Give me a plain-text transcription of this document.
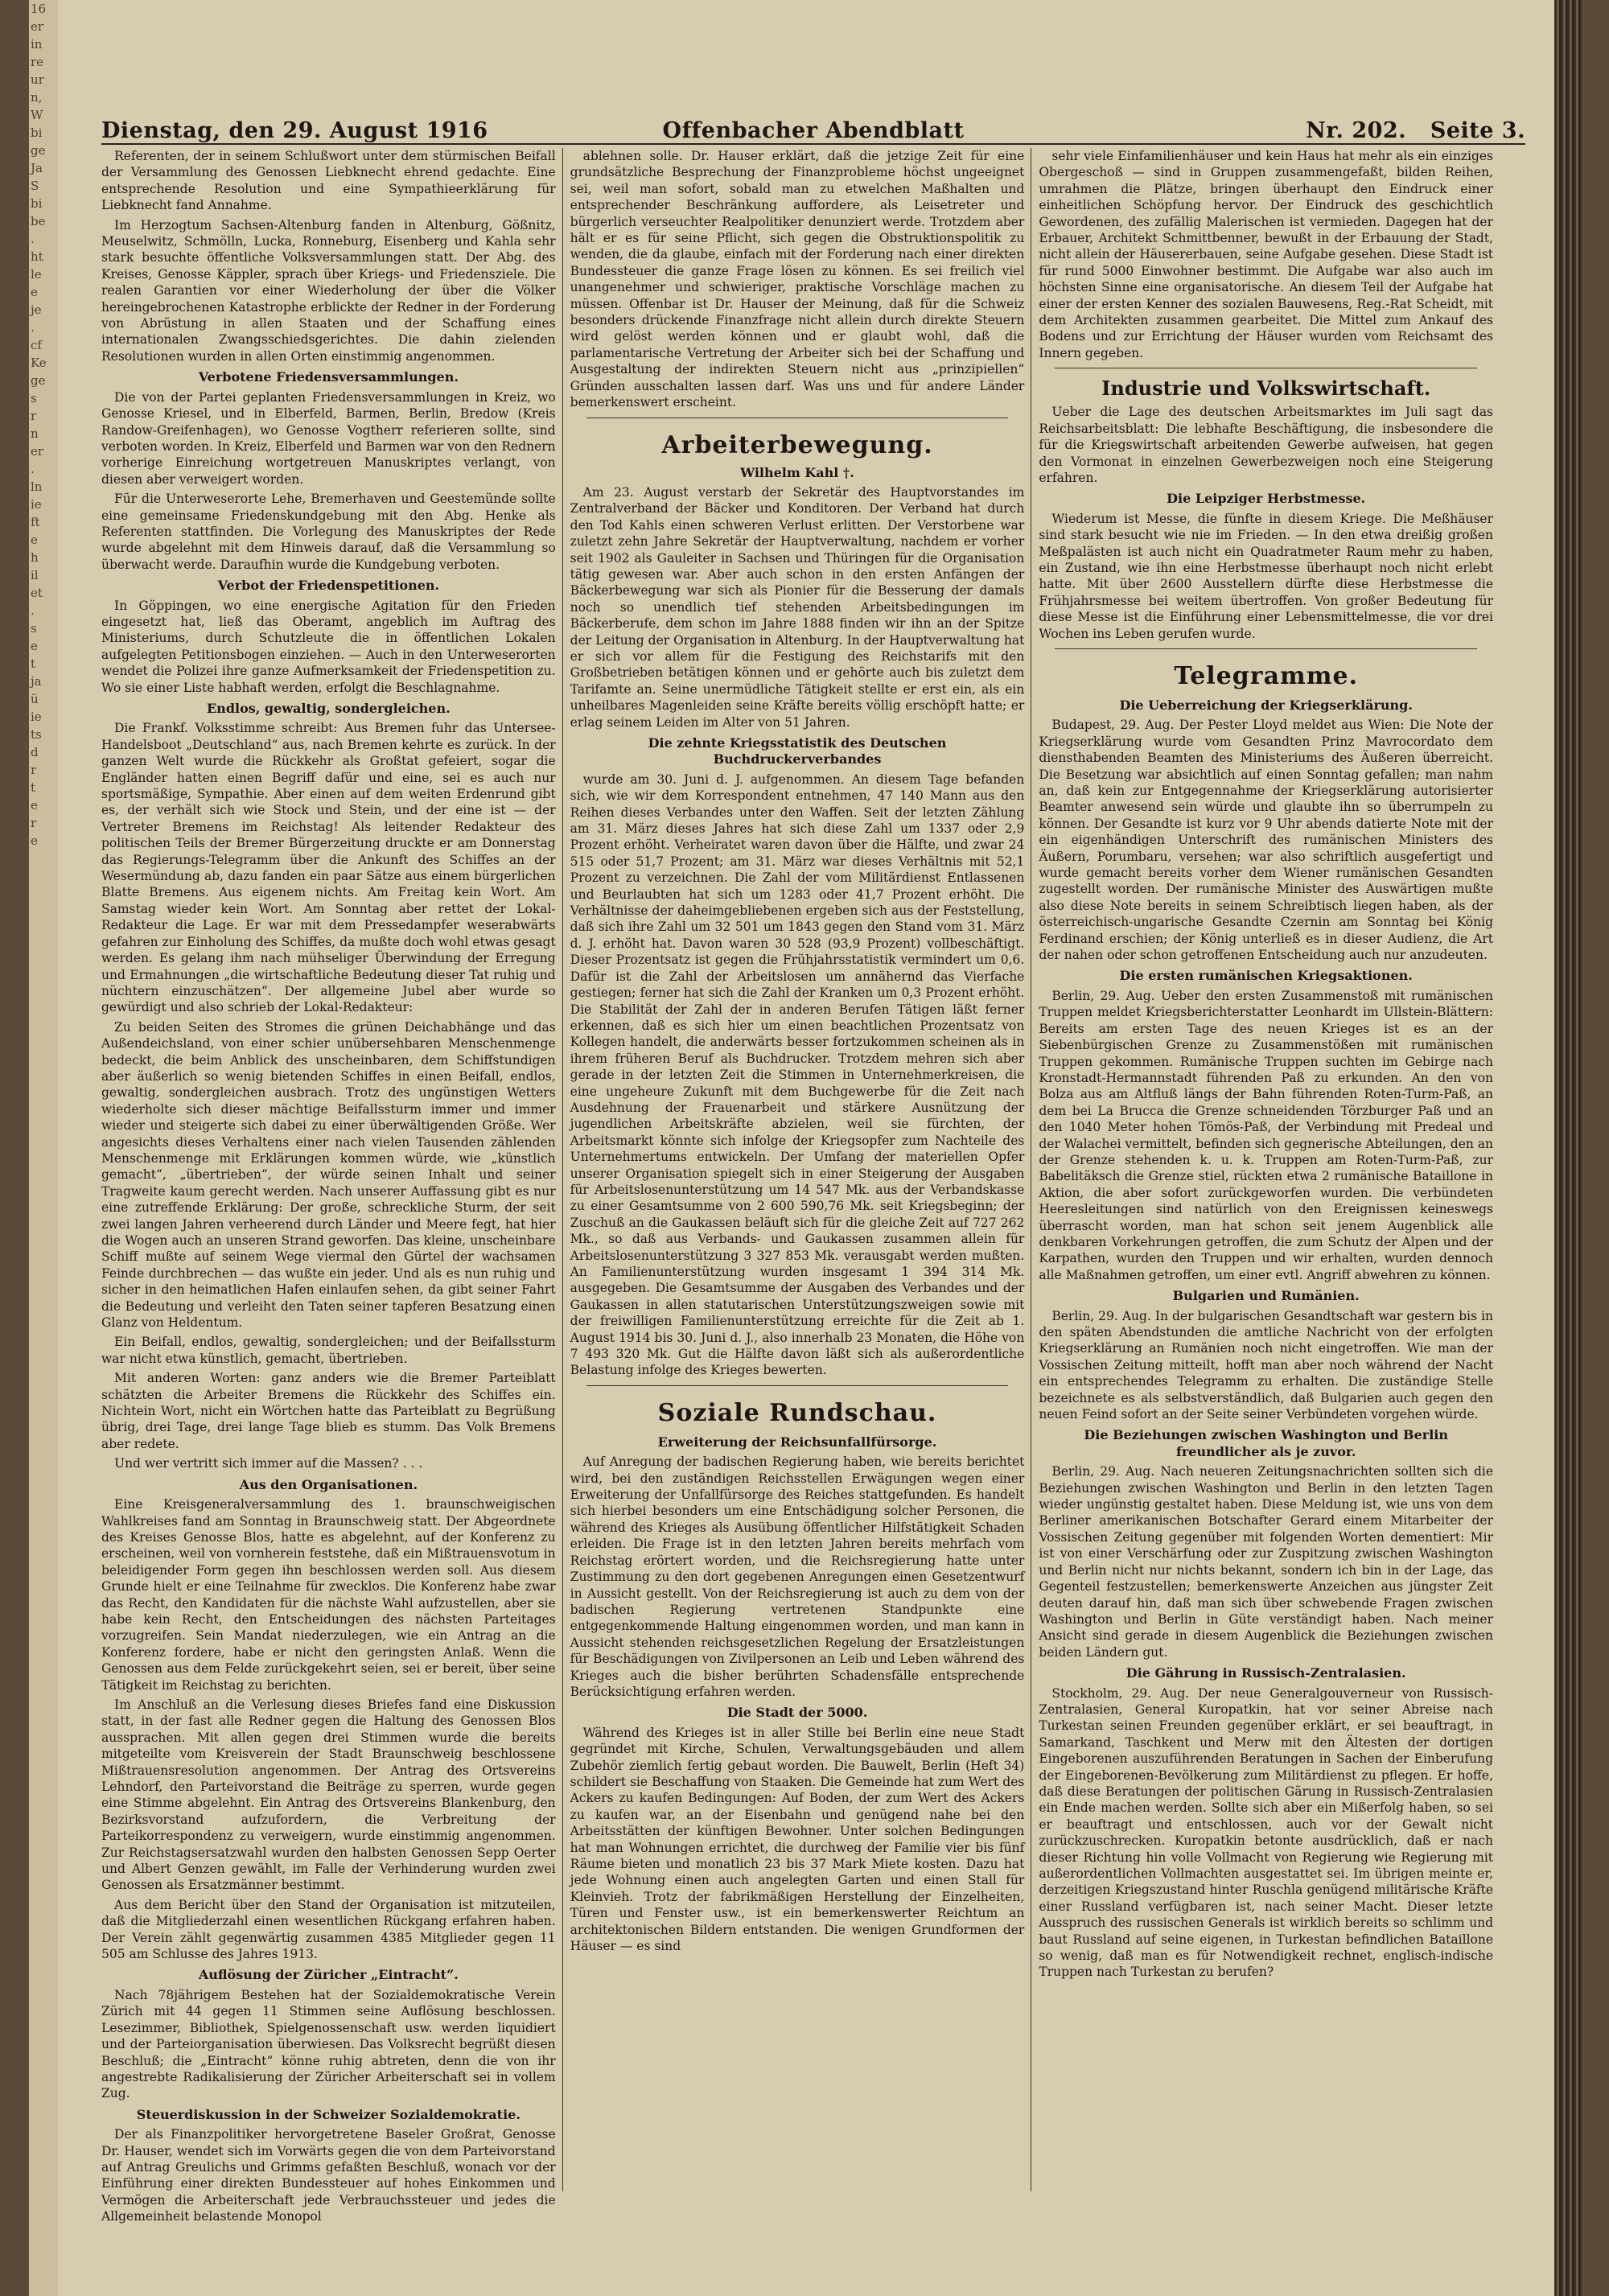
16
er
in
re
ur
n,
W
bi
ge
Ja
S
bi
be
.
ht
le
e
je
.
cf
Ke
ge
s
r
n
er
.
ln
ie
ft
e
h
il
et
.
s
e
t
ja
ü
ie
ts
d
r
t
e
r
e
Dienstag, den 29. August 1916	Offenbacher Abendblatt	Nr. 202. Seite 3.

Referenten, der in seinem Schlußwort unter dem stürmischen Beifall der Versammlung des Genossen Liebknecht ehrend gedachte. Eine entsprechende Resolution und eine Sympathieerklärung für Liebknecht fand Annahme.

Im Herzogtum Sachsen-Altenburg fanden in Altenburg, Gößnitz, Meuselwitz, Schmölln, Lucka, Ronneburg, Eisenberg und Kahla sehr stark besuchte öffentliche Volksversammlungen statt. Der Abg. des Kreises, Genosse Käppler, sprach über Kriegs- und Friedensziele. Die realen Garantien vor einer Wiederholung der über die Völker hereingebrochenen Katastrophe erblickte der Redner in der Forderung von Abrüstung in allen Staaten und der Schaffung eines internationalen Zwangsschiedsgerichtes. Die dahin zielenden Resolutionen wurden in allen Orten einstimmig angenommen.

Verbotene Friedensversammlungen.

Die von der Partei geplanten Friedensversammlungen in Kreiz, wo Genosse Kriesel, und in Elberfeld, Barmen, Berlin, Bredow (Kreis Randow-Greifenhagen), wo Genosse Vogtherr referieren sollte, sind verboten worden. In Kreiz, Elberfeld und Barmen war von den Rednern vorherige Einreichung wortgetreuen Manuskriptes verlangt, von diesen aber verweigert worden.

Für die Unterweserorte Lehe, Bremerhaven und Geestemünde sollte eine gemeinsame Friedenskundgebung mit den Abg. Henke als Referenten stattfinden. Die Vorlegung des Manuskriptes der Rede wurde abgelehnt mit dem Hinweis darauf, daß die Versammlung so überwacht werde. Daraufhin wurde die Kundgebung verboten.

Verbot der Friedenspetitionen.

In Göppingen, wo eine energische Agitation für den Frieden eingesetzt hat, ließ das Oberamt, angeblich im Auftrag des Ministeriums, durch Schutzleute die in öffentlichen Lokalen aufgelegten Petitionsbogen einziehen. — Auch in den Unterweserorten wendet die Polizei ihre ganze Aufmerksamkeit der Friedenspetition zu. Wo sie einer Liste habhaft werden, erfolgt die Beschlagnahme.

Endlos, gewaltig, sondergleichen.

Die Frankf. Volksstimme schreibt: Aus Bremen fuhr das Untersee-Handelsboot „Deutschland“ aus, nach Bremen kehrte es zurück. In der ganzen Welt wurde die Rückkehr als Großtat gefeiert, sogar die Engländer hatten einen Begriff dafür und eine, sei es auch nur sportsmäßige, Sympathie. Aber einen auf dem weiten Erdenrund gibt es, der verhält sich wie Stock und Stein, und der eine ist — der Vertreter Bremens im Reichstag! Als leitender Redakteur des politischen Teils der Bremer Bürgerzeitung druckte er am Donnerstag das Regierungs-Telegramm über die Ankunft des Schiffes an der Wesermündung ab, dazu fanden ein paar Sätze aus einem bürgerlichen Blatte Bremens. Aus eigenem nichts. Am Freitag kein Wort. Am Samstag wieder kein Wort. Am Sonntag aber rettet der Lokal-Redakteur die Lage. Er war mit dem Pressedampfer weserabwärts gefahren zur Einholung des Schiffes, da mußte doch wohl etwas gesagt werden. Es gelang ihm nach mühseliger Überwindung der Erregung und Ermahnungen „die wirtschaftliche Bedeutung dieser Tat ruhig und nüchtern einzuschätzen“. Der allgemeine Jubel aber wurde so gewürdigt und also schrieb der Lokal-Redakteur:

Zu beiden Seiten des Stromes die grünen Deichabhänge und das Außendeichsland, von einer schier unübersehbaren Menschenmenge bedeckt, die beim Anblick des unscheinbaren, dem Schiffstundigen aber äußerlich so wenig bietenden Schiffes in einen Beifall, endlos, gewaltig, sondergleichen ausbrach. Trotz des ungünstigen Wetters wiederholte sich dieser mächtige Beifallssturm immer und immer wieder und steigerte sich dabei zu einer überwältigenden Größe. Wer angesichts dieses Verhaltens einer nach vielen Tausenden zählenden Menschenmenge mit Erklärungen kommen würde, wie „künstlich gemacht“, „übertrieben“, der würde seinen Inhalt und seiner Tragweite kaum gerecht werden. Nach unserer Auffassung gibt es nur eine zutreffende Erklärung: Der große, schreckliche Sturm, der seit zwei langen Jahren verheerend durch Länder und Meere fegt, hat hier die Wogen auch an unseren Strand geworfen. Das kleine, unscheinbare Schiff mußte auf seinem Wege viermal den Gürtel der wachsamen Feinde durchbrechen — das wußte ein jeder. Und als es nun ruhig und sicher in den heimatlichen Hafen einlaufen sehen, da gibt seiner Fahrt die Bedeutung und verleiht den Taten seiner tapferen Besatzung einen Glanz von Heldentum.

Ein Beifall, endlos, gewaltig, sondergleichen; und der Beifallssturm war nicht etwa künstlich, gemacht, übertrieben.

Mit anderen Worten: ganz anders wie die Bremer Parteiblatt schätzten die Arbeiter Bremens die Rückkehr des Schiffes ein. Nichtein Wort, nicht ein Wörtchen hatte das Parteiblatt zu Begrüßung übrig, drei Tage, drei lange Tage blieb es stumm. Das Volk Bremens aber redete.

Und wer vertritt sich immer auf die Massen? . . .

Aus den Organisationen.

Eine Kreisgeneralversammlung des 1. braunschweigischen Wahlkreises fand am Sonntag in Braunschweig statt. Der Abgeordnete des Kreises Genosse Blos, hatte es abgelehnt, auf der Konferenz zu erscheinen, weil von vornherein feststehe, daß ein Mißtrauensvotum in beleidigender Form gegen ihn beschlossen werden soll. Aus diesem Grunde hielt er eine Teilnahme für zwecklos. Die Konferenz habe zwar das Recht, den Kandidaten für die nächste Wahl aufzustellen, aber sie habe kein Recht, den Entscheidungen des nächsten Parteitages vorzugreifen. Sein Mandat niederzulegen, wie ein Antrag an die Konferenz fordere, habe er nicht den geringsten Anlaß. Wenn die Genossen aus dem Felde zurückgekehrt seien, sei er bereit, über seine Tätigkeit im Reichstag zu berichten.

Im Anschluß an die Verlesung dieses Briefes fand eine Diskussion statt, in der fast alle Redner gegen die Haltung des Genossen Blos aussprachen. Mit allen gegen drei Stimmen wurde die bereits mitgeteilte vom Kreisverein der Stadt Braunschweig beschlossene Mißtrauensresolution angenommen. Der Antrag des Ortsvereins Lehndorf, den Parteivorstand die Beiträge zu sperren, wurde gegen eine Stimme abgelehnt. Ein Antrag des Ortsvereins Blankenburg, den Bezirksvorstand aufzufordern, die Verbreitung der Parteikorrespondenz zu verweigern, wurde einstimmig angenommen. Zur Reichstagsersatzwahl wurden den halbsten Genossen Sepp Oerter und Albert Genzen gewählt, im Falle der Verhinderung wurden zwei Genossen als Ersatzmänner bestimmt.

Aus dem Bericht über den Stand der Organisation ist mitzuteilen, daß die Mitgliederzahl einen wesentlichen Rückgang erfahren haben. Der Verein zählt gegenwärtig zusammen 4385 Mitglieder gegen 11 505 am Schlusse des Jahres 1913.

Auflösung der Züricher „Eintracht“.

Nach 78jährigem Bestehen hat der Sozialdemokratische Verein Zürich mit 44 gegen 11 Stimmen seine Auflösung beschlossen. Lesezimmer, Bibliothek, Spielgenossenschaft usw. werden liquidiert und der Parteiorganisation überwiesen. Das Volksrecht begrüßt diesen Beschluß; die „Eintracht“ könne ruhig abtreten, denn die von ihr angestrebte Radikalisierung der Züricher Arbeiterschaft sei in vollem Zug.

Steuerdiskussion in der Schweizer Sozialdemokratie.

Der als Finanzpolitiker hervorgetretene Baseler Großrat, Genosse Dr. Hauser, wendet sich im Vorwärts gegen die von dem Parteivorstand auf Antrag Greulichs und Grimms gefaßten Beschluß, wonach vor der Einführung einer direkten Bundessteuer auf hohes Einkommen und Vermögen die Arbeiterschaft jede Verbrauchssteuer und jedes die Allgemeinheit belastende Monopol

ablehnen solle. Dr. Hauser erklärt, daß die jetzige Zeit für eine grundsätzliche Besprechung der Finanzprobleme höchst ungeeignet sei, weil man sofort, sobald man zu etwelchen Maßhalten und entsprechender Beschränkung auffordere, als Leisetreter und bürgerlich verseuchter Realpolitiker denunziert werde. Trotzdem aber hält er es für seine Pflicht, sich gegen die Obstruktionspolitik zu wenden, die da glaube, einfach mit der Forderung nach einer direkten Bundessteuer die ganze Frage lösen zu können. Es sei freilich viel unangenehmer und schwieriger, praktische Vorschläge machen zu müssen. Offenbar ist Dr. Hauser der Meinung, daß für die Schweiz besonders drückende Finanzfrage nicht allein durch direkte Steuern wird gelöst werden können und er glaubt wohl, daß die parlamentarische Vertretung der Arbeiter sich bei der Schaffung und Ausgestaltung der indirekten Steuern nicht aus „prinzipiellen“ Gründen ausschalten lassen darf. Was uns und für andere Länder bemerkenswert erscheint.

Arbeiterbewegung.
Wilhelm Kahl †.

Am 23. August verstarb der Sekretär des Hauptvorstandes im Zentralverband der Bäcker und Konditoren. Der Verband hat durch den Tod Kahls einen schweren Verlust erlitten. Der Verstorbene war zuletzt zehn Jahre Sekretär der Hauptverwaltung, nachdem er vorher seit 1902 als Gauleiter in Sachsen und Thüringen für die Organisation tätig gewesen war. Aber auch schon in den ersten Anfängen der Bäckerbewegung war sich als Pionier für die Besserung der damals noch so unendlich tief stehenden Arbeitsbedingungen im Bäckerberufe, dem schon im Jahre 1888 finden wir ihn an der Spitze der Leitung der Organisation in Altenburg. In der Hauptverwaltung hat er sich vor allem für die Festigung des Reichstarifs mit den Großbetrieben betätigen können und er gehörte auch bis zuletzt dem Tarifamte an. Seine unermüdliche Tätigkeit stellte er erst ein, als ein unheilbares Magenleiden seine Kräfte bereits völlig erschöpft hatte; er erlag seinem Leiden im Alter von 51 Jahren.

Die zehnte Kriegsstatistik des Deutschen Buchdruckerverbandes

wurde am 30. Juni d. J. aufgenommen. An diesem Tage befanden sich, wie wir dem Korrespondent entnehmen, 47 140 Mann aus den Reihen dieses Verbandes unter den Waffen. Seit der letzten Zählung am 31. März dieses Jahres hat sich diese Zahl um 1337 oder 2,9 Prozent erhöht. Verheiratet waren davon über die Hälfte, und zwar 24 515 oder 51,7 Prozent; am 31. März war dieses Verhältnis mit 52,1 Prozent zu verzeichnen. Die Zahl der vom Militärdienst Entlassenen und Beurlaubten hat sich um 1283 oder 41,7 Prozent erhöht. Die Verhältnisse der daheimgebliebenen ergeben sich aus der Feststellung, daß sich ihre Zahl um 32 501 um 1843 gegen den Stand vom 31. März d. J. erhöht hat. Davon waren 30 528 (93,9 Prozent) vollbeschäftigt. Dieser Prozentsatz ist gegen die Frühjahrsstatistik vermindert um 0,6. Dafür ist die Zahl der Arbeitslosen um annähernd das Vierfache gestiegen; ferner hat sich die Zahl der Kranken um 0,3 Prozent erhöht. Die Stabilität der Zahl der in anderen Berufen Tätigen läßt ferner erkennen, daß es sich hier um einen beachtlichen Prozentsatz von Kollegen handelt, die anderwärts besser fortzukommen scheinen als in ihrem früheren Beruf als Buchdrucker. Trotzdem mehren sich aber gerade in der letzten Zeit die Stimmen in Unternehmerkreisen, die eine ungeheure Zukunft mit dem Buchgewerbe für die Zeit nach Ausdehnung der Frauenarbeit und stärkere Ausnützung der jugendlichen Arbeitskräfte abzielen, weil sie fürchten, der Arbeitsmarkt könnte sich infolge der Kriegsopfer zum Nachteile des Unternehmertums entwickeln. Der Umfang der materiellen Opfer unserer Organisation spiegelt sich in einer Steigerung der Ausgaben für Arbeitslosenunterstützung um 14 547 Mk. aus der Verbandskasse zu einer Gesamtsumme von 2 600 590,76 Mk. seit Kriegsbeginn; der Zuschuß an die Gaukassen beläuft sich für die gleiche Zeit auf 727 262 Mk., so daß aus Verbands- und Gaukassen zusammen allein für Arbeitslosenunterstützung 3 327 853 Mk. verausgabt werden mußten. An Familienunterstützung wurden insgesamt 1 394 314 Mk. ausgegeben. Die Gesamtsumme der Ausgaben des Verbandes und der Gaukassen in allen statutarischen Unterstützungszweigen sowie mit der freiwilligen Familienunterstützung erreichte für die Zeit ab 1. August 1914 bis 30. Juni d. J., also innerhalb 23 Monaten, die Höhe von 7 493 320 Mk. Gut die Hälfte davon läßt sich als außerordentliche Belastung infolge des Krieges bewerten.

Soziale Rundschau.
Erweiterung der Reichsunfallfürsorge.

Auf Anregung der badischen Regierung haben, wie bereits berichtet wird, bei den zuständigen Reichsstellen Erwägungen wegen einer Erweiterung der Unfallfürsorge des Reiches stattgefunden. Es handelt sich hierbei besonders um eine Entschädigung solcher Personen, die während des Krieges als Ausübung öffentlicher Hilfstätigkeit Schaden erleiden. Die Frage ist in den letzten Jahren bereits mehrfach vom Reichstag erörtert worden, und die Reichsregierung hatte unter Zustimmung zu den dort gegebenen Anregungen einen Gesetzentwurf in Aussicht gestellt. Von der Reichsregierung ist auch zu dem von der badischen Regierung vertretenen Standpunkte eine entgegenkommende Haltung eingenommen worden, und man kann in Aussicht stehenden reichsgesetzlichen Regelung der Ersatzleistungen für Beschädigungen von Zivilpersonen an Leib und Leben während des Krieges auch die bisher berührten Schadensfälle entsprechende Berücksichtigung erfahren werden.

Die Stadt der 5000.

Während des Krieges ist in aller Stille bei Berlin eine neue Stadt gegründet mit Kirche, Schulen, Verwaltungsgebäuden und allem Zubehör ziemlich fertig gebaut worden. Die Bauwelt, Berlin (Heft 34) schildert sie Beschaffung von Staaken. Die Gemeinde hat zum Wert des Ackers zu kaufen Bedingungen: Auf Boden, der zum Wert des Ackers zu kaufen war, an der Eisenbahn und genügend nahe bei den Arbeitsstätten der künftigen Bewohner. Unter solchen Bedingungen hat man Wohnungen errichtet, die durchweg der Familie vier bis fünf Räume bieten und monatlich 23 bis 37 Mark Miete kosten. Dazu hat jede Wohnung einen auch angelegten Garten und einen Stall für Kleinvieh. Trotz der fabrikmäßigen Herstellung der Einzelheiten, Türen und Fenster usw., ist ein bemerkenswerter Reichtum an architektonischen Bildern entstanden. Die wenigen Grundformen der Häuser — es sind

sehr viele Einfamilienhäuser und kein Haus hat mehr als ein einziges Obergeschoß — sind in Gruppen zusammengefaßt, bilden Reihen, umrahmen die Plätze, bringen überhaupt den Eindruck einer einheitlichen Schöpfung hervor. Der Eindruck des geschichtlich Gewordenen, des zufällig Malerischen ist vermieden. Dagegen hat der Erbauer, Architekt Schmittbenner, bewußt in der Erbauung der Stadt, nicht allein der Häusererbauen, seine Aufgabe gesehen. Diese Stadt ist für rund 5000 Einwohner bestimmt. Die Aufgabe war also auch im höchsten Sinne eine organisatorische. An diesem Teil der Aufgabe hat einer der ersten Kenner des sozialen Bauwesens, Reg.-Rat Scheidt, mit dem Architekten zusammen gearbeitet. Die Mittel zum Ankauf des Bodens und zur Errichtung der Häuser wurden vom Reichsamt des Innern gegeben.

Industrie und Volkswirtschaft.

Ueber die Lage des deutschen Arbeitsmarktes im Juli sagt das Reichsarbeitsblatt: Die lebhafte Beschäftigung, die insbesondere die für die Kriegswirtschaft arbeitenden Gewerbe aufweisen, hat gegen den Vormonat in einzelnen Gewerbezweigen noch eine Steigerung erfahren.

Die Leipziger Herbstmesse.

Wiederum ist Messe, die fünfte in diesem Kriege. Die Meßhäuser sind stark besucht wie nie im Frieden. — In den etwa dreißig großen Meßpalästen ist auch nicht ein Quadratmeter Raum mehr zu haben, ein Zustand, wie ihn eine Herbstmesse überhaupt noch nicht erlebt hatte. Mit über 2600 Ausstellern dürfte diese Herbstmesse die Frühjahrsmesse bei weitem übertroffen. Von großer Bedeutung für diese Messe ist die Einführung einer Lebensmittelmesse, die vor drei Wochen ins Leben gerufen wurde.

Telegramme.
Die Ueberreichung der Kriegserklärung.

Budapest, 29. Aug. Der Pester Lloyd meldet aus Wien: Die Note der Kriegserklärung wurde vom Gesandten Prinz Mavrocordato dem diensthabenden Beamten des Ministeriums des Äußeren überreicht. Die Besetzung war absichtlich auf einen Sonntag gefallen; man nahm an, daß kein zur Entgegennahme der Kriegserklärung autorisierter Beamter anwesend sein würde und glaubte ihn so überrumpeln zu können. Der Gesandte ist kurz vor 9 Uhr abends datierte Note mit der ein eigenhändigen Unterschrift des rumänischen Ministers des Äußern, Porumbaru, versehen; war also schriftlich ausgefertigt und wurde gemacht bereits vorher dem Wiener rumänischen Gesandten zugestellt worden. Der rumänische Minister des Auswärtigen mußte also diese Note bereits in seinem Schreibtisch liegen haben, als der österreichisch-ungarische Gesandte Czernin am Sonntag bei König Ferdinand erschien; der König unterließ es in dieser Audienz, die Art der nahen oder schon getroffenen Entscheidung auch nur anzudeuten.

Die ersten rumänischen Kriegsaktionen.

Berlin, 29. Aug. Ueber den ersten Zusammenstoß mit rumänischen Truppen meldet Kriegsberichterstatter Leonhardt im Ullstein-Blättern: Bereits am ersten Tage des neuen Krieges ist es an der Siebenbürgischen Grenze zu Zusammenstößen mit rumänischen Truppen gekommen. Rumänische Truppen suchten im Gebirge nach Kronstadt-Hermannstadt führenden Paß zu erkunden. An den von Bolza aus am Altfluß längs der Bahn führenden Roten-Turm-Paß, an dem bei La Brucca die Grenze schneidenden Törzburger Paß und an den 1040 Meter hohen Tömös-Paß, der Verbindung mit Predeal und der Walachei vermittelt, befinden sich gegnerische Abteilungen, den an der Grenze stehenden k. u. k. Truppen am Roten-Turm-Paß, zur Babelitäksch die Grenze stiel, rückten etwa 2 rumänische Bataillone in Aktion, die aber sofort zurückgeworfen wurden. Die verbündeten Heeresleitungen sind natürlich von den Ereignissen keineswegs überrascht worden, man hat schon seit jenem Augenblick alle denkbaren Vorkehrungen getroffen, die zum Schutz der Alpen und der Karpathen, wurden den Truppen und wir erhalten, wurden dennoch alle Maßnahmen getroffen, um einer evtl. Angriff abwehren zu können.

Bulgarien und Rumänien.

Berlin, 29. Aug. In der bulgarischen Gesandtschaft war gestern bis in den späten Abendstunden die amtliche Nachricht von der erfolgten Kriegserklärung an Rumänien noch nicht eingetroffen. Wie man der Vossischen Zeitung mitteilt, hofft man aber noch während der Nacht ein entsprechendes Telegramm zu erhalten. Die zuständige Stelle bezeichnete es als selbstverständlich, daß Bulgarien auch gegen den neuen Feind sofort an der Seite seiner Verbündeten vorgehen würde.

Die Beziehungen zwischen Washington und Berlin freundlicher als je zuvor.

Berlin, 29. Aug. Nach neueren Zeitungsnachrichten sollten sich die Beziehungen zwischen Washington und Berlin in den letzten Tagen wieder ungünstig gestaltet haben. Diese Meldung ist, wie uns von dem Berliner amerikanischen Botschafter Gerard einem Mitarbeiter der Vossischen Zeitung gegenüber mit folgenden Worten dementiert: Mir ist von einer Verschärfung oder zur Zuspitzung zwischen Washington und Berlin nicht nur nichts bekannt, sondern ich bin in der Lage, das Gegenteil festzustellen; bemerkenswerte Anzeichen aus jüngster Zeit deuten darauf hin, daß man sich über schwebende Fragen zwischen Washington und Berlin in Güte verständigt haben. Nach meiner Ansicht sind gerade in diesem Augenblick die Beziehungen zwischen beiden Ländern gut.

Die Gährung in Russisch-Zentralasien.

Stockholm, 29. Aug. Der neue Generalgouverneur von Russisch-Zentralasien, General Kuropatkin, hat vor seiner Abreise nach Turkestan seinen Freunden gegenüber erklärt, er sei beauftragt, in Samarkand, Taschkent und Merw mit den Ältesten der dortigen Eingeborenen auszuführenden Beratungen in Sachen der Einberufung der Eingeborenen-Bevölkerung zum Militärdienst zu pflegen. Er hoffe, daß diese Beratungen der politischen Gärung in Russisch-Zentralasien ein Ende machen werden. Sollte sich aber ein Mißerfolg haben, so sei er beauftragt und entschlossen, auch vor der Gewalt nicht zurückzuschrecken. Kuropatkin betonte ausdrücklich, daß er nach dieser Richtung hin volle Vollmacht von Regierung wie Regierung mit außerordentlichen Vollmachten ausgestattet sei. Im übrigen meinte er, derzeitigen Kriegszustand hinter Ruschla genügend militärische Kräfte einer Russland verfügbaren ist, nach seiner Macht. Dieser letzte Ausspruch des russischen Generals ist wirklich bereits so schlimm und baut Russland auf seine eigenen, in Turkestan befindlichen Bataillone so wenig, daß man es für Notwendigkeit rechnet, englisch-indische Truppen nach Turkestan zu berufen?
